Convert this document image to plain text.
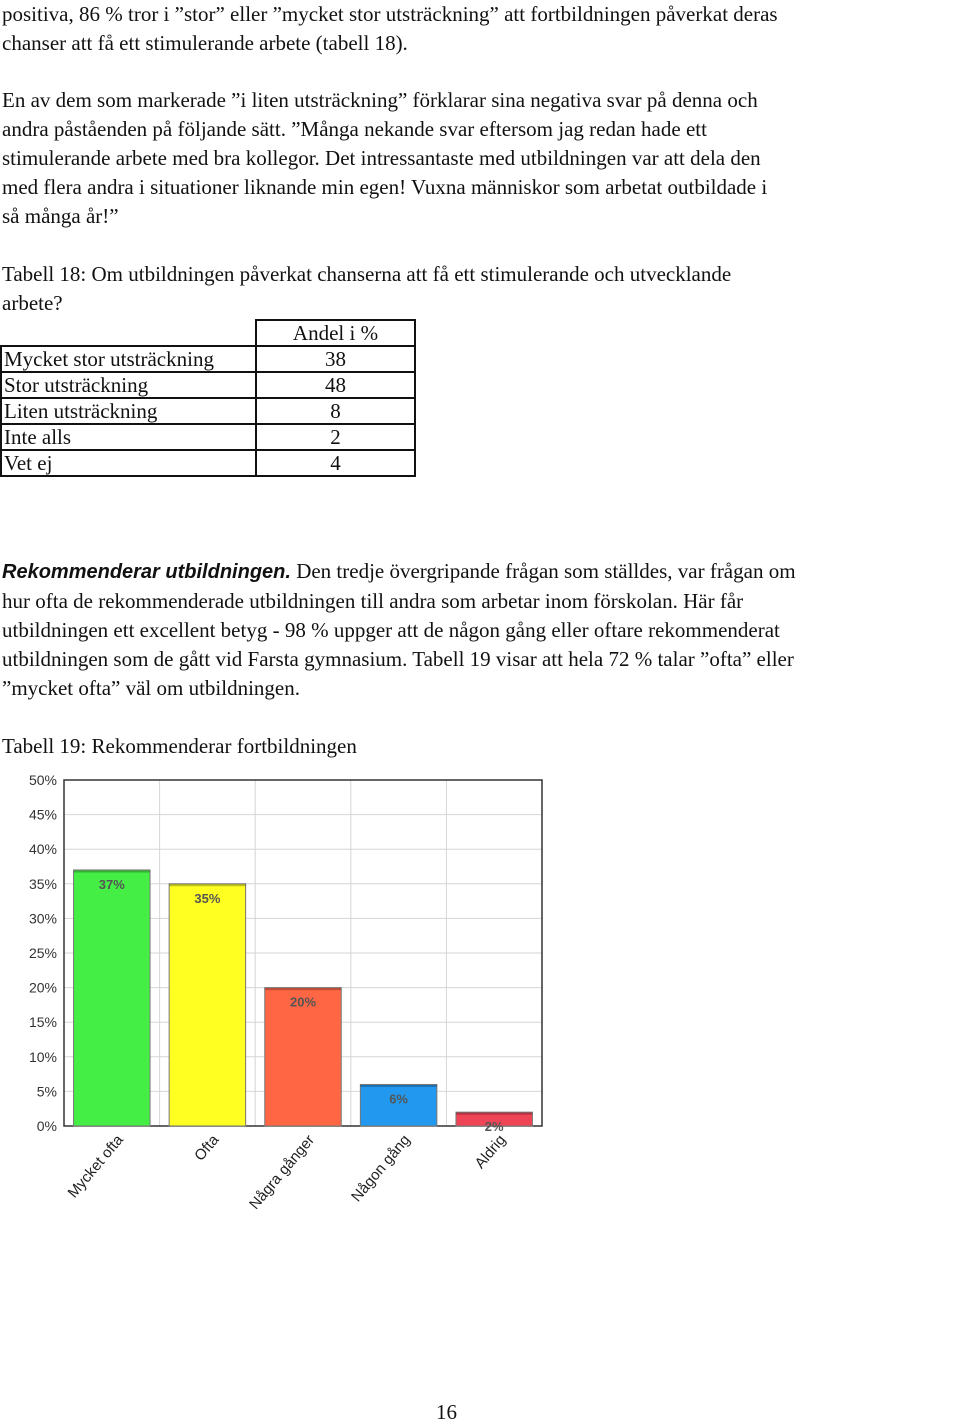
positiva, 86 % tror i ”stor” eller ”mycket stor utsträckning” att fortbildningen påverkat deras
chanser att få ett stimulerande arbete (tabell 18).
En av dem som markerade ”i liten utsträckning” förklarar sina negativa svar på denna och
andra påståenden på följande sätt. ”Många nekande svar eftersom jag redan hade ett
stimulerande arbete med bra kollegor. Det intressantaste med utbildningen var att dela den
med flera andra i situationer liknande min egen! Vuxna människor som arbetat outbildade i
så många år!”
Tabell 18: Om utbildningen påverkat chanserna att få ett stimulerande och utvecklande
arbete?
	Andel i %
Mycket stor utsträckning	38
Stor utsträckning	48
Liten utsträckning	8
Inte alls	2
Vet ej	4
Rekommenderar utbildningen. Den tredje övergripande frågan som ställdes, var frågan om
hur ofta de rekommenderade utbildningen till andra som arbetar inom förskolan. Här får
utbildningen ett excellent betyg - 98 % uppger att de någon gång eller oftare rekommenderat
utbildningen som de gått vid Farsta gymnasium. Tabell 19 visar att hela 72 % talar ”ofta” eller
”mycket ofta” väl om utbildningen.
Tabell 19: Rekommenderar fortbildningen
0%
5%
10%
15%
20%
25%
30%
35%
40%
45%
50%
37%
35%
20%
6%
2%
Mycket ofta	Ofta Några gånger Någon gång	Aldrig
16
